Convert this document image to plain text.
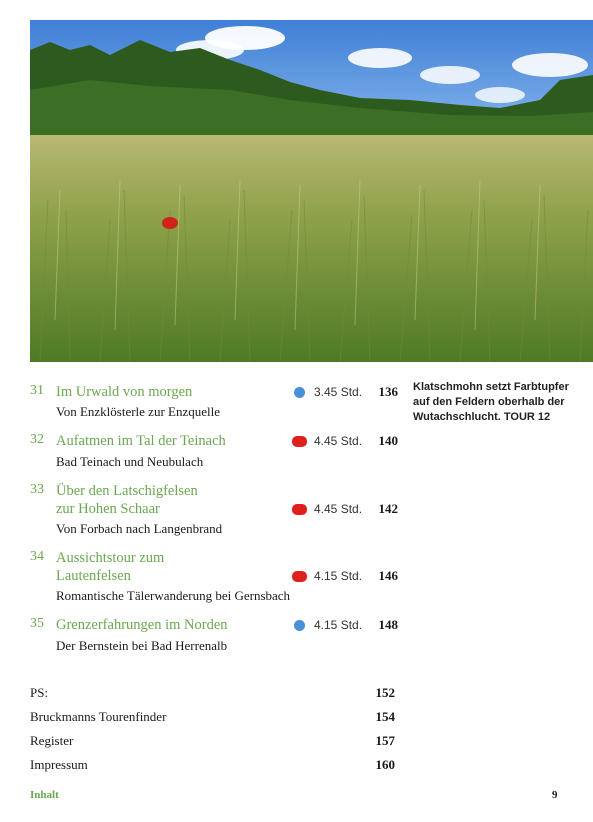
31 Im Urwald von morgen
Von Enzklösterle zur Enzquelle
3.45 Std. 136
32 Aufatmen im Tal der Teinach
Bad Teinach und Neubulach
4.45 Std. 140
33 Über den Latschigfelsen
zur Hohen Schaar
Von Forbach nach Langenbrand
4.45 Std. 142
34 Aussichtstour zum
Lautenfelsen
Romantische Tälerwanderung bei Gernsbach
4.15 Std. 146
35 Grenzerfahrungen im Norden
Der Bernstein bei Bad Herrenalb
4.15 Std. 148
Klatschmohn setzt Farbtupfer auf den Feldern oberhalb der Wutachschlucht. TOUR 12
PS:	152
Bruckmanns Tourenfinder	154
Register	157
Impressum	160
Inhalt	9
